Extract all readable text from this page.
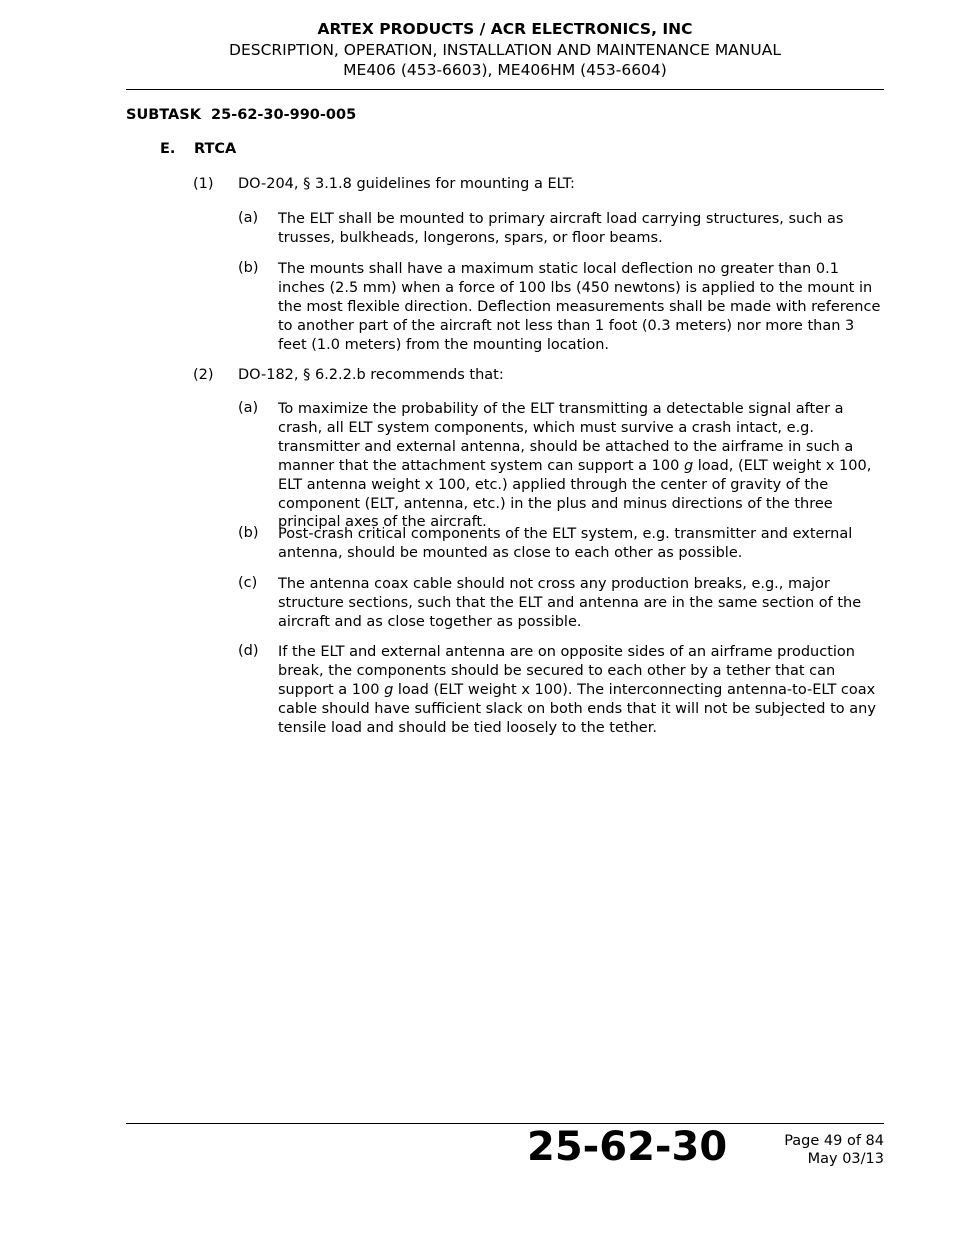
ARTEX PRODUCTS / ACR ELECTRONICS, INC
DESCRIPTION, OPERATION, INSTALLATION AND MAINTENANCE MANUAL
ME406 (453-6603), ME406HM (453-6604)
SUBTASK  25-62-30-990-005
E. RTCA
(1) DO-204, § 3.1.8 guidelines for mounting a ELT:
(a) The ELT shall be mounted to primary aircraft load carrying structures, such as trusses, bulkheads, longerons, spars, or floor beams.
(b) The mounts shall have a maximum static local deflection no greater than 0.1 inches (2.5 mm) when a force of 100 lbs (450 newtons) is applied to the mount in the most flexible direction. Deflection measurements shall be made with reference to another part of the aircraft not less than 1 foot (0.3 meters) nor more than 3 feet (1.0 meters) from the mounting location.
(2) DO-182, § 6.2.2.b recommends that:
(a) To maximize the probability of the ELT transmitting a detectable signal after a crash, all ELT system components, which must survive a crash intact, e.g. transmitter and external antenna, should be attached to the airframe in such a manner that the attachment system can support a 100 g load, (ELT weight x 100, ELT antenna weight x 100, etc.) applied through the center of gravity of the component (ELT, antenna, etc.) in the plus and minus directions of the three principal axes of the aircraft.
(b) Post-crash critical components of the ELT system, e.g. transmitter and external antenna, should be mounted as close to each other as possible.
(c) The antenna coax cable should not cross any production breaks, e.g., major structure sections, such that the ELT and antenna are in the same section of the aircraft and as close together as possible.
(d) If the ELT and external antenna are on opposite sides of an airframe production break, the components should be secured to each other by a tether that can support a 100 g load (ELT weight x 100). The interconnecting antenna-to-ELT coax cable should have sufficient slack on both ends that it will not be subjected to any tensile load and should be tied loosely to the tether.
25-62-30	Page 49 of 84
May 03/13
